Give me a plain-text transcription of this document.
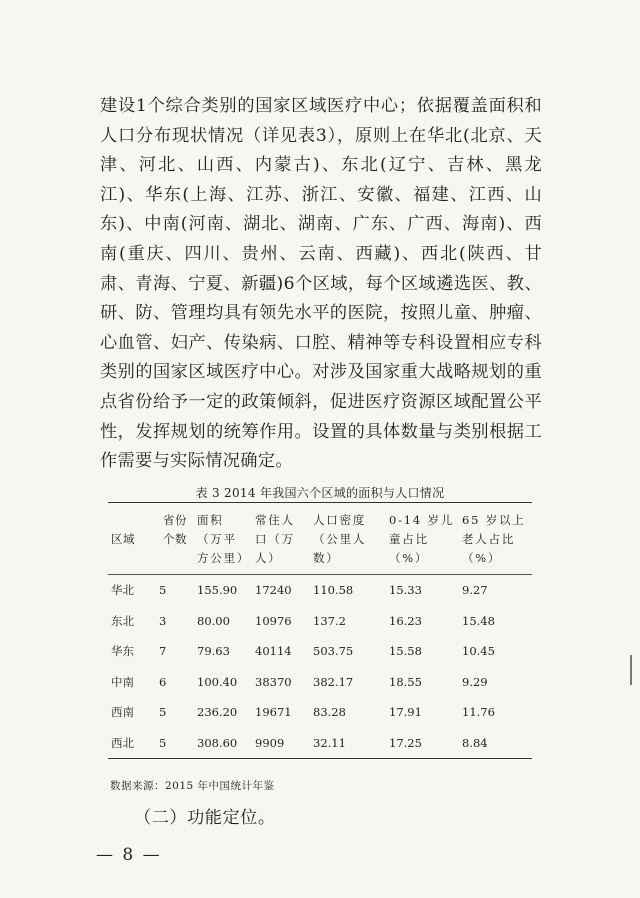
建设1个综合类别的国家区域医疗中心；依据覆盖面积和人口分布现状情况（详见表3），原则上在华北(北京、天津、河北、山西、内蒙古)、东北(辽宁、吉林、黑龙江)、华东(上海、江苏、浙江、安徽、福建、江西、山东)、中南(河南、湖北、湖南、广东、广西、海南)、西南(重庆、四川、贵州、云南、西藏)、西北(陕西、甘肃、青海、宁夏、新疆)6个区域，每个区域遴选医、教、研、防、管理均具有领先水平的医院，按照儿童、肿瘤、心血管、妇产、传染病、口腔、精神等专科设置相应专科类别的国家区域医疗中心。对涉及国家重大战略规划的重点省份给予一定的政策倾斜，促进医疗资源区域配置公平性，发挥规划的统筹作用。设置的具体数量与类别根据工作需要与实际情况确定。

表 3 2014 年我国六个区域的面积与人口情况
区域	省份个数	面积（万平方公里）	常住人口（万人）	人口密度（公里人数）	0-14 岁儿童占比（%）	65 岁以上老人占比（%）
华北	5	155.90	17240	110.58	15.33	9.27
东北	3	80.00	10976	137.2	16.23	15.48
华东	7	79.63	40114	503.75	15.58	10.45
中南	6	100.40	38370	382.17	18.55	9.29
西南	5	236.20	19671	83.28	17.91	11.76
西北	5	308.60	9909	32.11	17.25	8.84
数据来源：2015 年中国统计年鉴
（二）功能定位。
— 8 —
